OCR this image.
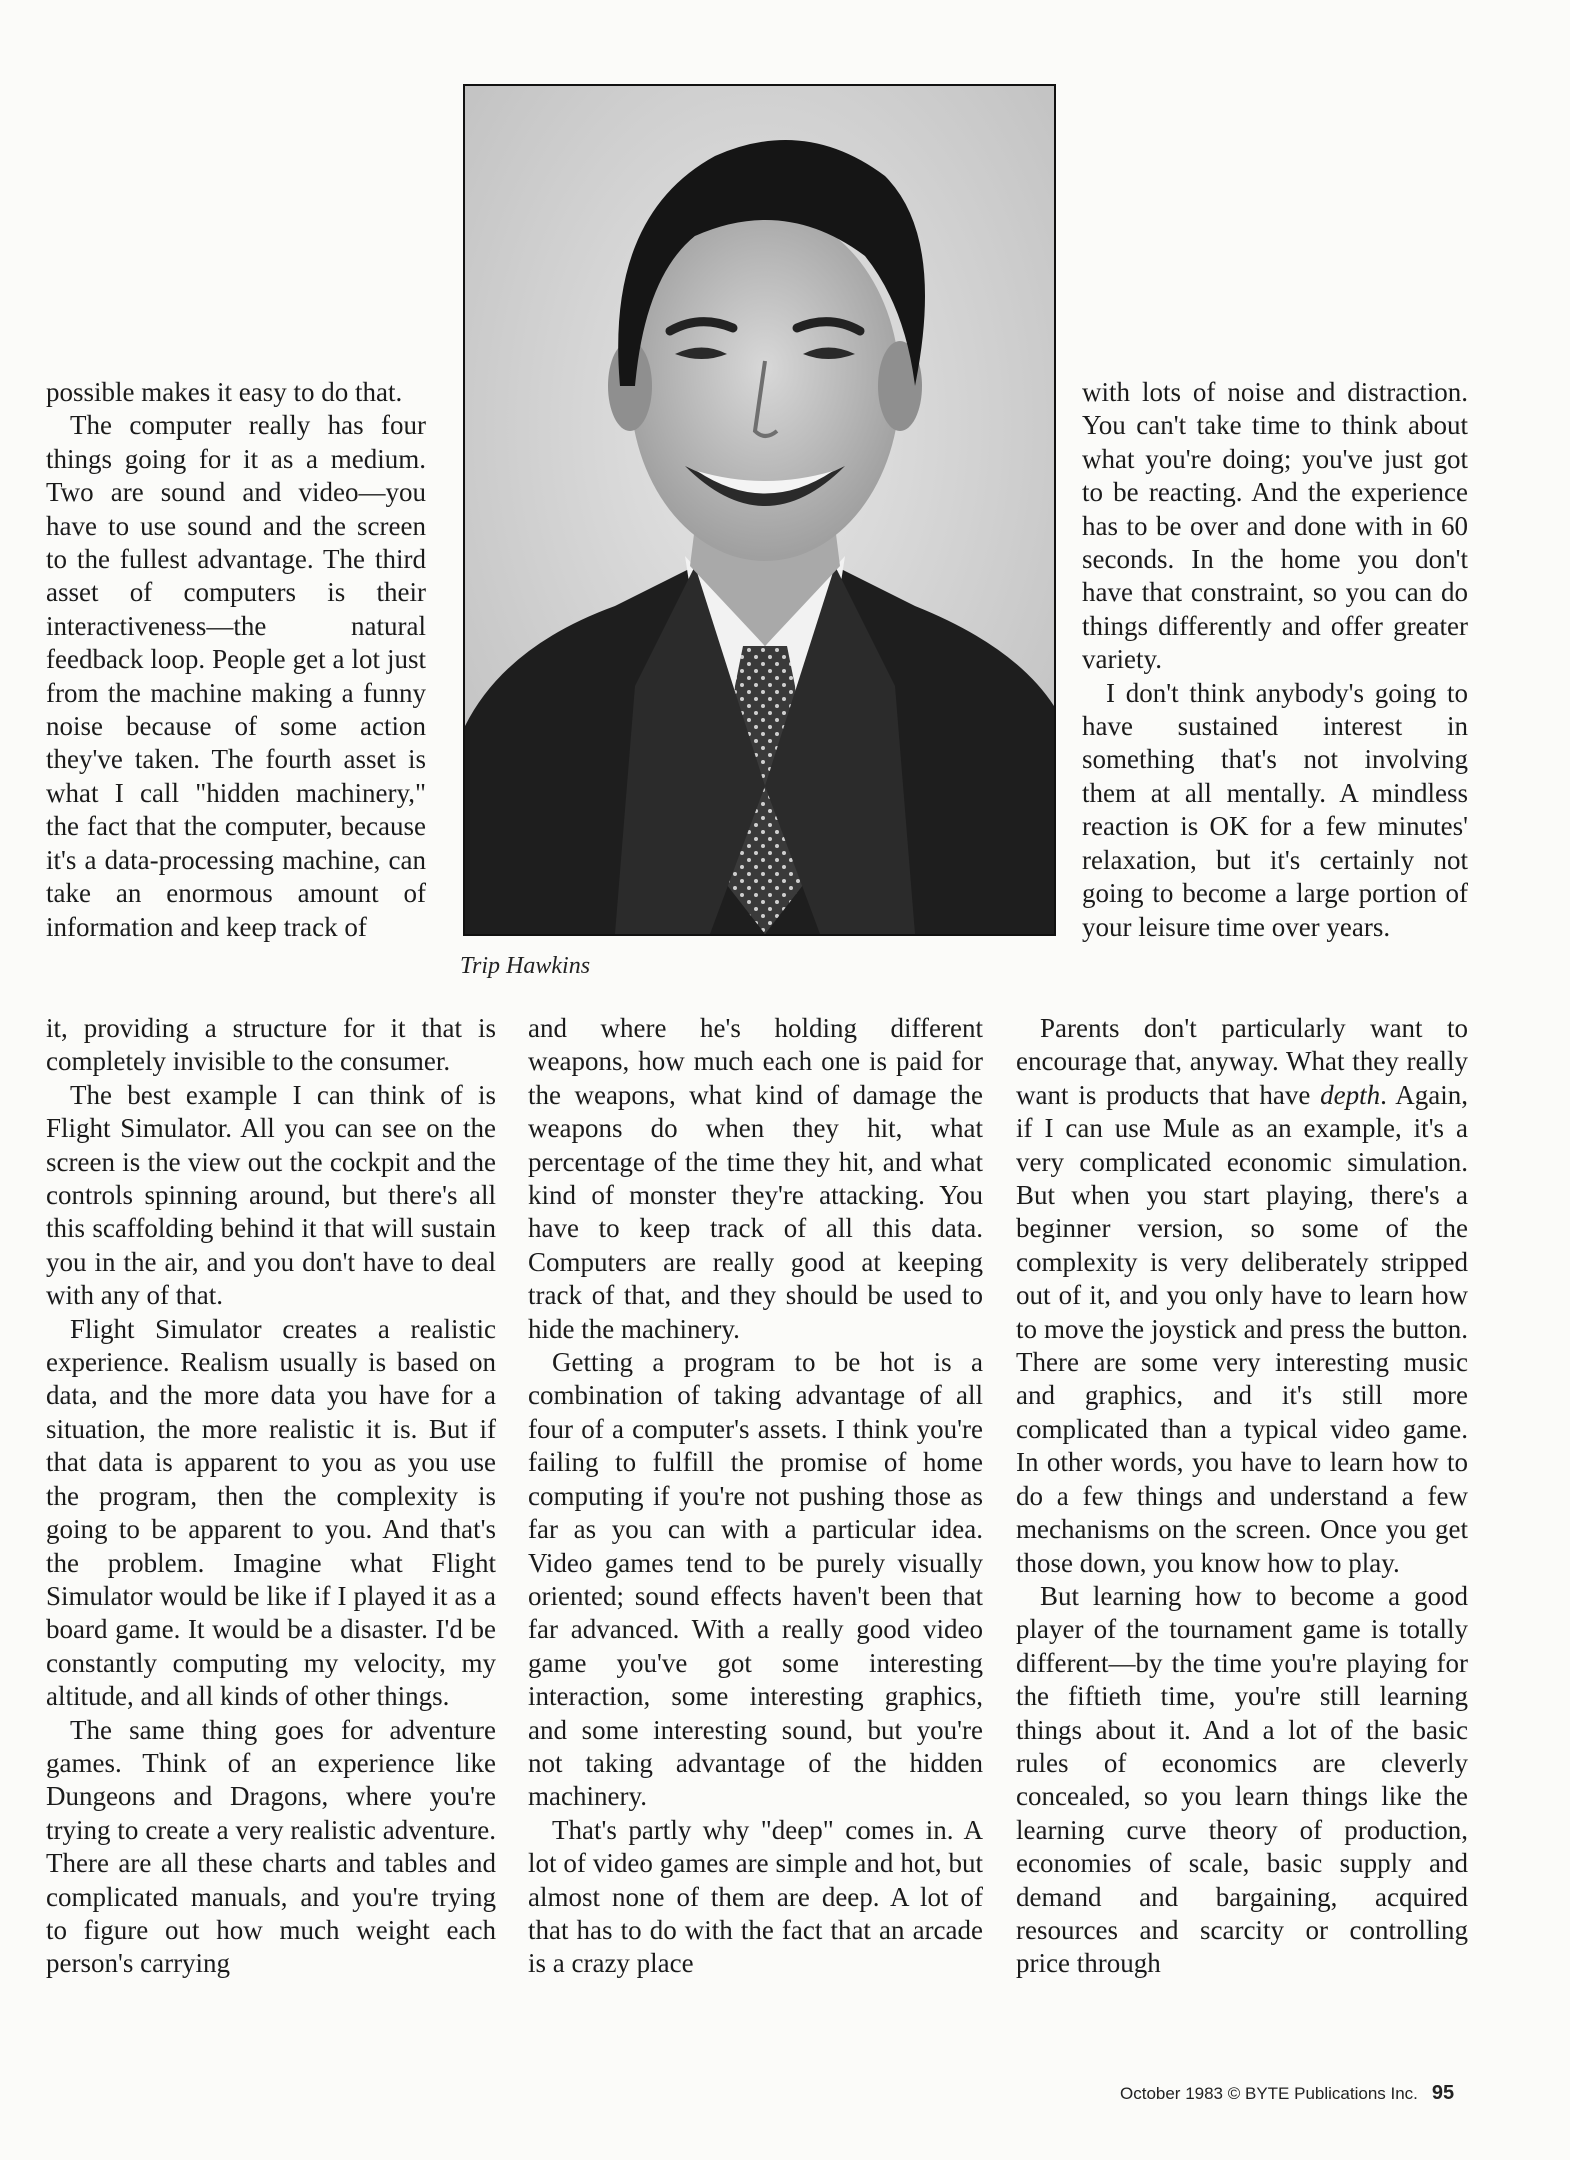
Trip Hawkins

possible makes it easy to do that.

The computer really has four things going for it as a medium. Two are sound and video—you have to use sound and the screen to the fullest advantage. The third asset of computers is their interactiveness—the natural feedback loop. People get a lot just from the machine making a funny noise because of some action they've taken. The fourth asset is what I call "hidden machinery," the fact that the computer, because it's a data-processing machine, can take an enormous amount of information and keep track of

it, providing a structure for it that is completely invisible to the consumer.

The best example I can think of is Flight Simulator. All you can see on the screen is the view out the cockpit and the controls spinning around, but there's all this scaffolding behind it that will sustain you in the air, and you don't have to deal with any of that.

Flight Simulator creates a realistic experience. Realism usually is based on data, and the more data you have for a situation, the more realistic it is. But if that data is apparent to you as you use the program, then the complexity is going to be apparent to you. And that's the problem. Imagine what Flight Simulator would be like if I played it as a board game. It would be a disaster. I'd be constantly computing my velocity, my altitude, and all kinds of other things.

The same thing goes for adventure games. Think of an experience like Dungeons and Dragons, where you're trying to create a very realistic adventure. There are all these charts and tables and complicated manuals, and you're trying to figure out how much weight each person's carrying

and where he's holding different weapons, how much each one is paid for the weapons, what kind of damage the weapons do when they hit, what percentage of the time they hit, and what kind of monster they're attacking. You have to keep track of all this data. Computers are really good at keeping track of that, and they should be used to hide the machinery.

Getting a program to be hot is a combination of taking advantage of all four of a computer's assets. I think you're failing to fulfill the promise of home computing if you're not pushing those as far as you can with a particular idea. Video games tend to be purely visually oriented; sound effects haven't been that far advanced. With a really good video game you've got some interesting interaction, some interesting graphics, and some interesting sound, but you're not taking advantage of the hidden machinery.

That's partly why "deep" comes in. A lot of video games are simple and hot, but almost none of them are deep. A lot of that has to do with the fact that an arcade is a crazy place

with lots of noise and distraction. You can't take time to think about what you're doing; you've just got to be reacting. And the experience has to be over and done with in 60 seconds. In the home you don't have that constraint, so you can do things differently and offer greater variety.

I don't think anybody's going to have sustained interest in something that's not involving them at all mentally. A mindless reaction is OK for a few minutes' relaxation, but it's certainly not going to become a large portion of your leisure time over years.

Parents don't particularly want to encourage that, anyway. What they really want is products that have depth. Again, if I can use Mule as an example, it's a very complicated economic simulation. But when you start playing, there's a beginner version, so some of the complexity is very deliberately stripped out of it, and you only have to learn how to move the joystick and press the button. There are some very interesting music and graphics, and it's still more complicated than a typical video game. In other words, you have to learn how to do a few things and understand a few mechanisms on the screen. Once you get those down, you know how to play.

But learning how to become a good player of the tournament game is totally different—by the time you're playing for the fiftieth time, you're still learning things about it. And a lot of the basic rules of economics are cleverly concealed, so you learn things like the learning curve theory of production, economies of scale, basic supply and demand and bargaining, acquired resources and scarcity or controlling price through

October 1983 © BYTE Publications Inc. 95
